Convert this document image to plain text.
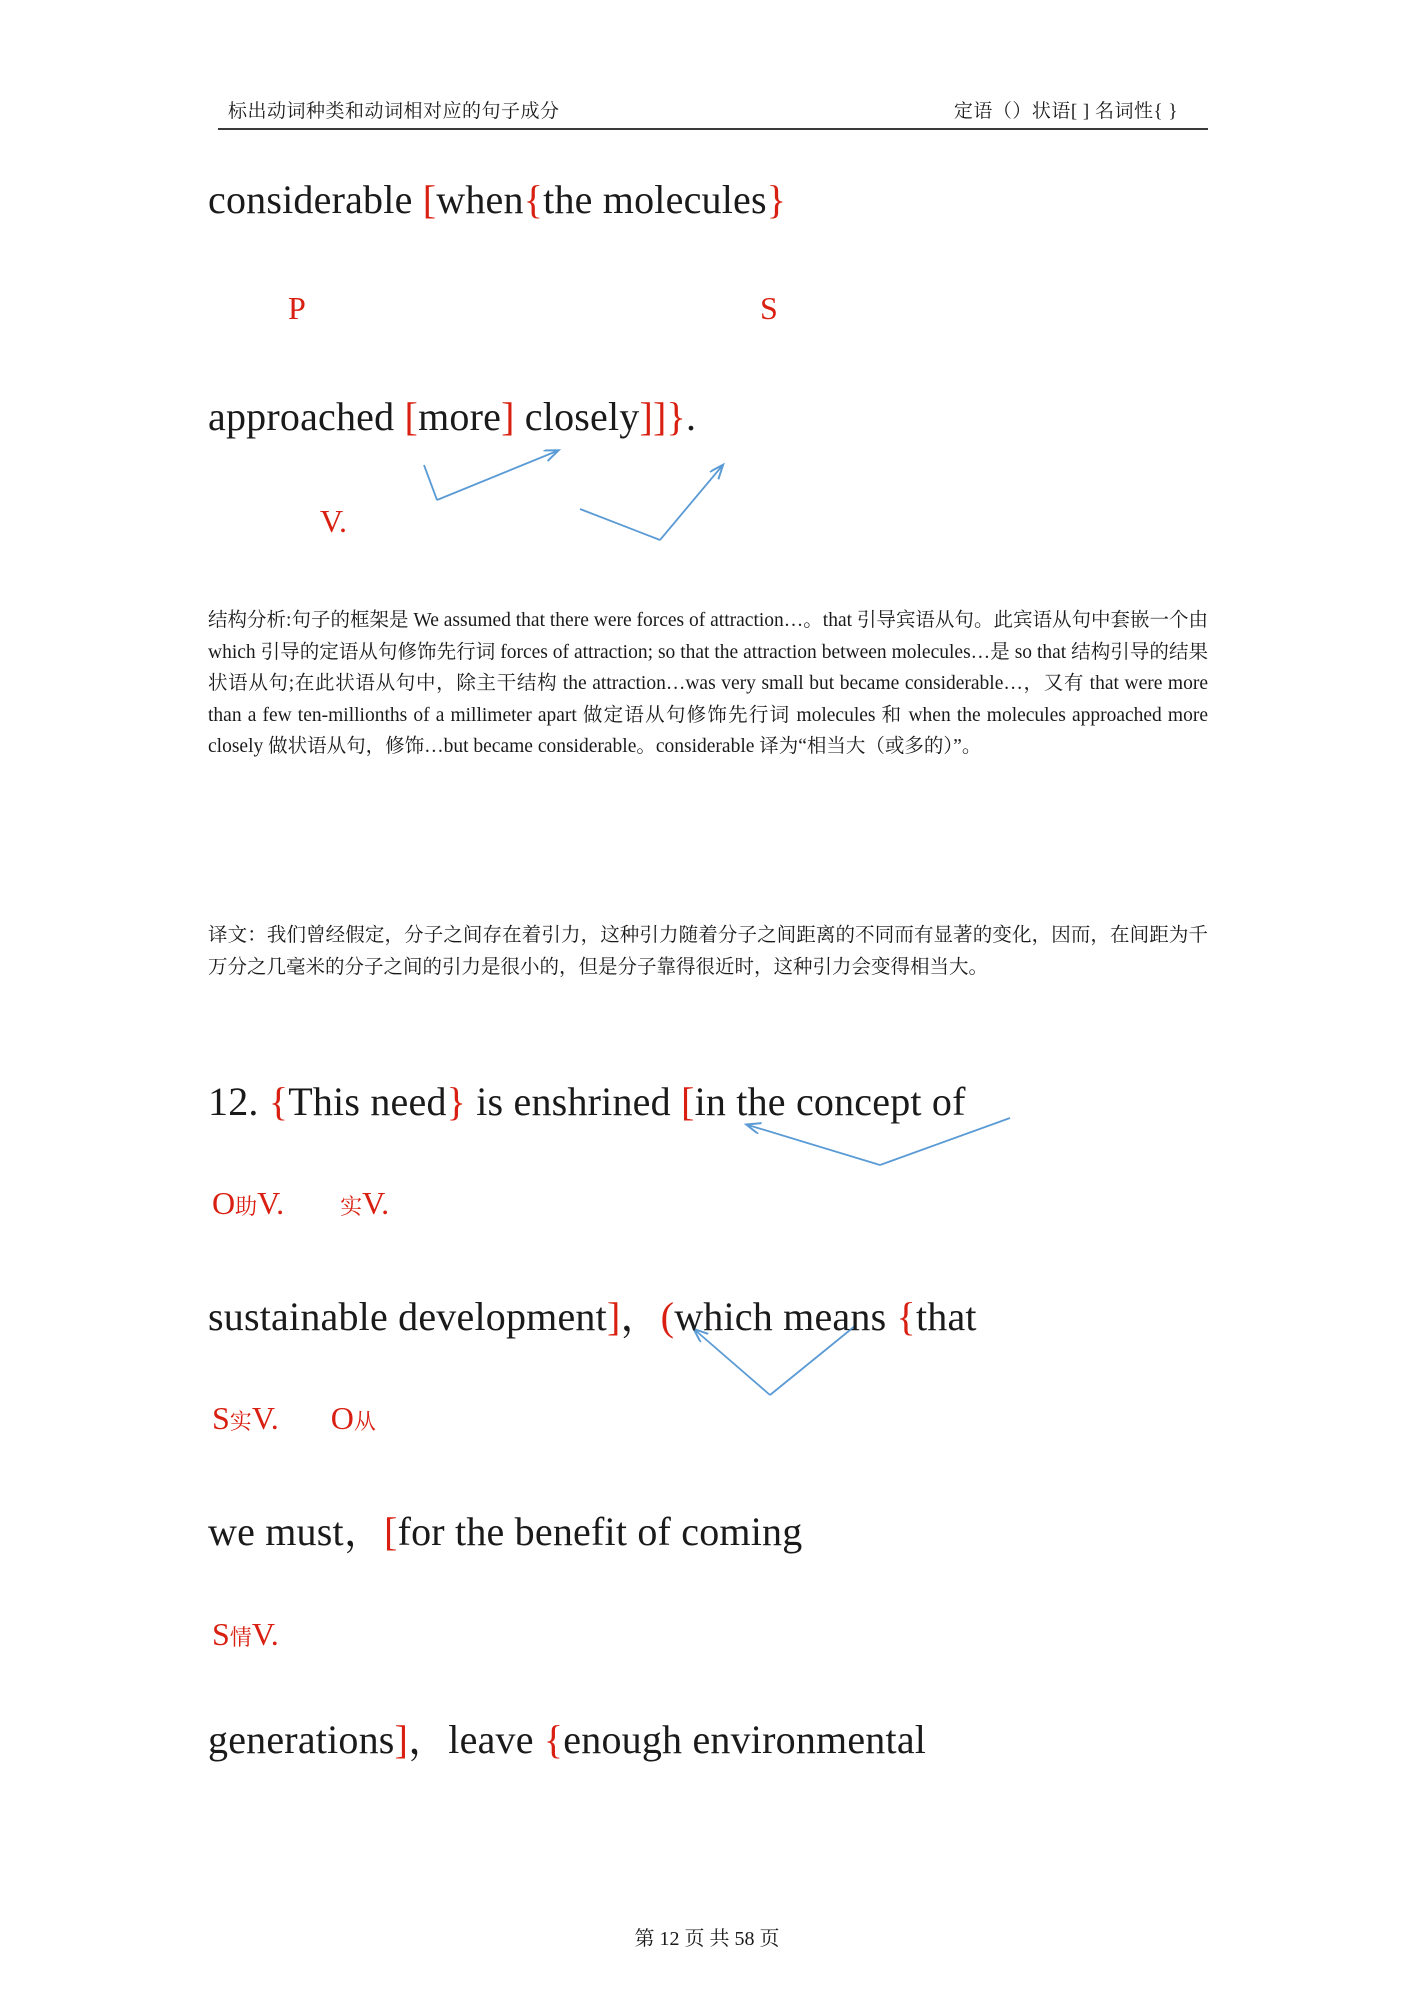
标出动词种类和动词相对应的句子成分	定语（）状语[ ] 名词性{ }
considerable [when{the molecules}
P	S
approached [more] closely]]}.
V.
结构分析:句子的框架是 We assumed that there were forces of attraction…。that 引导宾语从句。此宾语从句中套嵌一个由 which 引导的定语从句修饰先行词 forces of attraction; so that the attraction between molecules…是 so that 结构引导的结果状语从句;在此状语从句中，除主干结构 the attraction…was very small but became considerable…，又有 that were more than a few ten-millionths of a millimeter apart 做定语从句修饰先行词 molecules 和 when the molecules approached more closely 做状语从句，修饰…but became considerable。considerable 译为“相当大（或多的）”。
译文：我们曾经假定，分子之间存在着引力，这种引力随着分子之间距离的不同而有显著的变化，因而，在间距为千万分之几毫米的分子之间的引力是很小的，但是分子靠得很近时，这种引力会变得相当大。
12. {This need} is enshrined [in the concept of
O助V.	实V.
sustainable development]，(which means {that
S实V. O从
we must，[for the benefit of coming
S情V.
generations]，leave {enough environmental
第 12 页 共 58 页
